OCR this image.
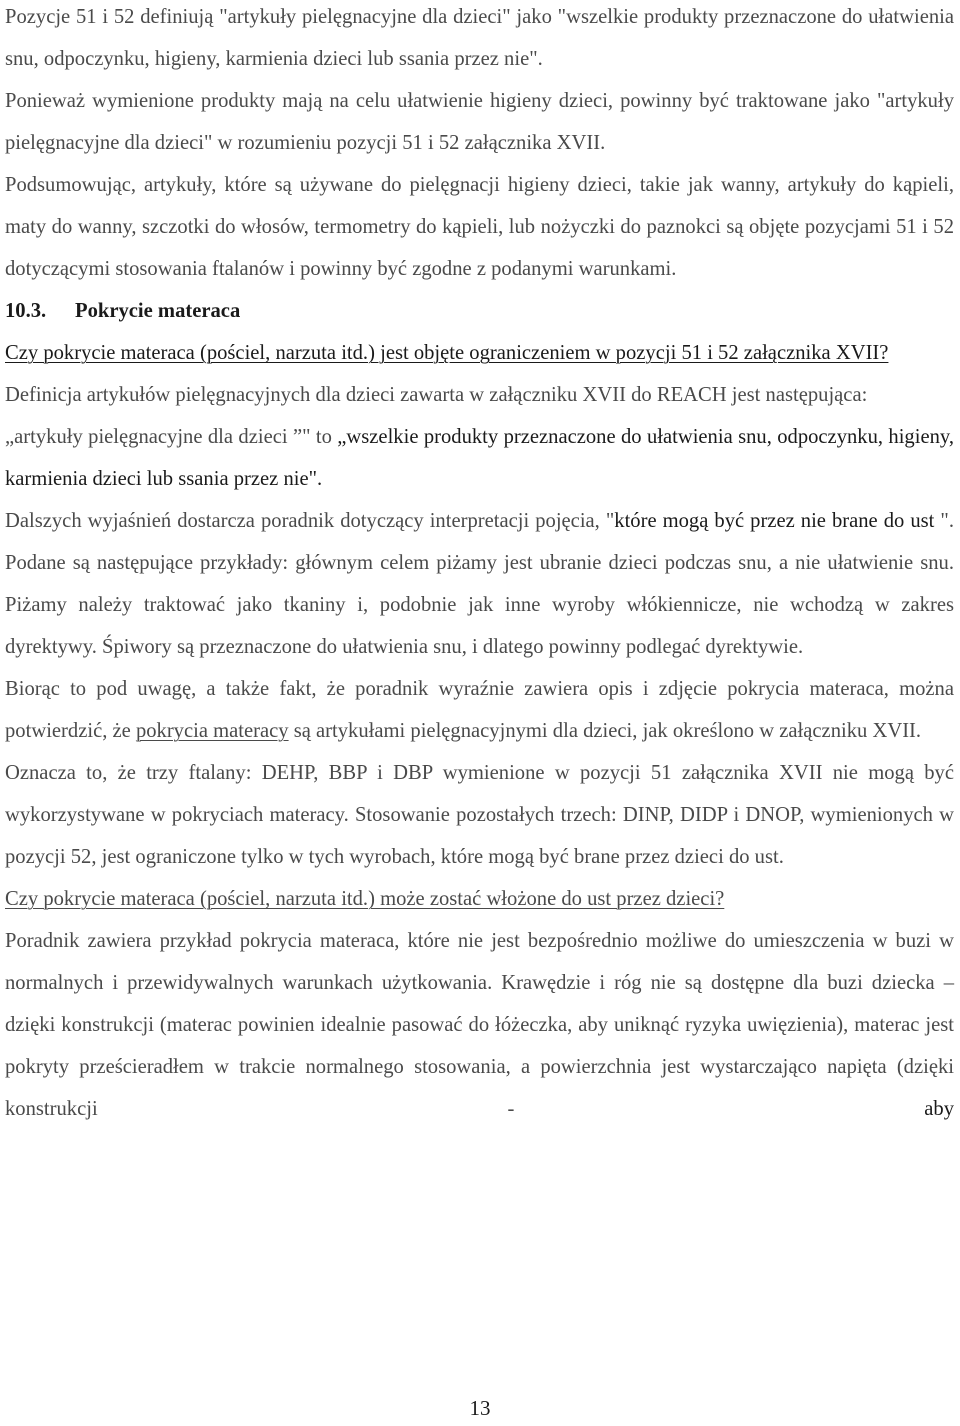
Pozycje 51 i 52 definiują "artykuły pielęgnacyjne dla dzieci" jako "wszelkie produkty przeznaczone do ułatwienia snu, odpoczynku, higieny, karmienia dzieci lub ssania przez nie".

Ponieważ wymienione produkty mają na celu ułatwienie higieny dzieci, powinny być traktowane jako "artykuły pielęgnacyjne dla dzieci" w rozumieniu pozycji 51 i 52 załącznika XVII.

Podsumowując, artykuły, które są używane do pielęgnacji higieny dzieci, takie jak wanny, artykuły do kąpieli, maty do wanny, szczotki do włosów, termometry do kąpieli, lub nożyczki do paznokci są objęte pozycjami 51 i 52 dotyczącymi stosowania ftalanów i powinny być zgodne z podanymi warunkami.

10.3. Pokrycie materaca

Czy pokrycie materaca (pościel, narzuta itd.) jest objęte ograniczeniem w pozycji 51 i 52 załącznika XVII?

Definicja artykułów pielęgnacyjnych dla dzieci zawarta w załączniku XVII do REACH jest następująca:

„artykuły pielęgnacyjne dla dzieci ”" to „wszelkie produkty przeznaczone do ułatwienia snu, odpoczynku, higieny, karmienia dzieci lub ssania przez nie".

Dalszych wyjaśnień dostarcza poradnik dotyczący interpretacji pojęcia, "które mogą być przez nie brane do ust ". Podane są następujące przykłady: głównym celem piżamy jest ubranie dzieci podczas snu, a nie ułatwienie snu. Piżamy należy traktować jako tkaniny i, podobnie jak inne wyroby włókiennicze, nie wchodzą w zakres dyrektywy. Śpiwory są przeznaczone do ułatwienia snu, i dlatego powinny podlegać dyrektywie.

Biorąc to pod uwagę, a także fakt, że poradnik wyraźnie zawiera opis i zdjęcie pokrycia materaca, można potwierdzić, że pokrycia materacy są artykułami pielęgnacyjnymi dla dzieci, jak określono w załączniku XVII.

Oznacza to, że trzy ftalany: DEHP, BBP i DBP wymienione w pozycji 51 załącznika XVII nie mogą być wykorzystywane w pokryciach materacy. Stosowanie pozostałych trzech: DINP, DIDP i DNOP, wymienionych w pozycji 52, jest ograniczone tylko w tych wyrobach, które mogą być brane przez dzieci do ust.

Czy pokrycie materaca (pościel, narzuta itd.) może zostać włożone do ust przez dzieci?

Poradnik zawiera przykład pokrycia materaca, które nie jest bezpośrednio możliwe do umieszczenia w buzi w normalnych i przewidywalnych warunkach użytkowania. Krawędzie i róg nie są dostępne dla buzi dziecka – dzięki konstrukcji (materac powinien idealnie pasować do łóżeczka, aby uniknąć ryzyka uwięzienia), materac jest pokryty prześcieradłem w trakcie normalnego stosowania, a powierzchnia jest wystarczająco napięta (dzięki konstrukcji - aby

13
